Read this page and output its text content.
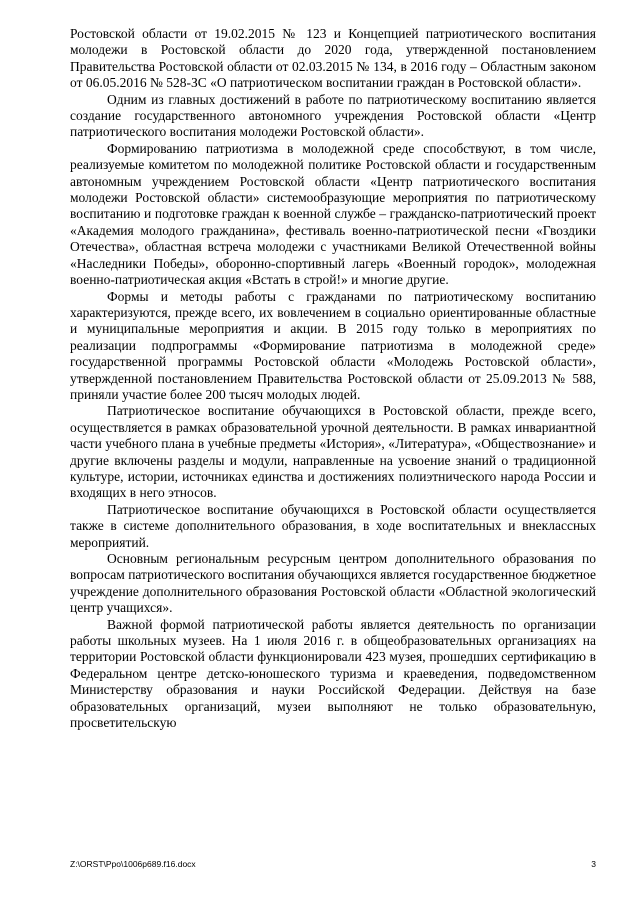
Ростовской области от 19.02.2015 № 123 и Концепцией патриотического воспитания молодежи в Ростовской области до 2020 года, утвержденной постановлением Правительства Ростовской области от 02.03.2015 № 134, в 2016 году – Областным законом от 06.05.2016 № 528-ЗС «О патриотическом воспитании граждан в Ростовской области».

Одним из главных достижений в работе по патриотическому воспитанию является создание государственного автономного учреждения Ростовской области «Центр патриотического воспитания молодежи Ростовской области».

Формированию патриотизма в молодежной среде способствуют, в том числе, реализуемые комитетом по молодежной политике Ростовской области и государственным автономным учреждением Ростовской области «Центр патриотического воспитания молодежи Ростовской области» системообразующие мероприятия по патриотическому воспитанию и подготовке граждан к военной службе – гражданско-патриотический проект «Академия молодого гражданина», фестиваль военно-патриотической песни «Гвоздики Отечества», областная встреча молодежи с участниками Великой Отечественной войны «Наследники Победы», оборонно-спортивный лагерь «Военный городок», молодежная военно-патриотическая акция «Встать в строй!» и многие другие.

Формы и методы работы с гражданами по патриотическому воспитанию характеризуются, прежде всего, их вовлечением в социально ориентированные областные и муниципальные мероприятия и акции. В 2015 году только в мероприятиях по реализации подпрограммы «Формирование патриотизма в молодежной среде» государственной программы Ростовской области «Молодежь Ростовской области», утвержденной постановлением Правительства Ростовской области от 25.09.2013 № 588, приняли участие более 200 тысяч молодых людей.

Патриотическое воспитание обучающихся в Ростовской области, прежде всего, осуществляется в рамках образовательной урочной деятельности. В рамках инвариантной части учебного плана в учебные предметы «История», «Литература», «Обществознание» и другие включены разделы и модули, направленные на усвоение знаний о традиционной культуре, истории, источниках единства и достижениях полиэтнического народа России и входящих в него этносов.

Патриотическое воспитание обучающихся в Ростовской области осуществляется также в системе дополнительного образования, в ходе воспитательных и внеклассных мероприятий.

Основным региональным ресурсным центром дополнительного образования по вопросам патриотического воспитания обучающихся является государственное бюджетное учреждение дополнительного образования Ростовской области «Областной экологический центр учащихся».

Важной формой патриотической работы является деятельность по организации работы школьных музеев. На 1 июля 2016 г. в общеобразовательных организациях на территории Ростовской области функционировали 423 музея, прошедших сертификацию в Федеральном центре детско-юношеского туризма и краеведения, подведомственном Министерству образования и науки Российской Федерации. Действуя на базе образовательных организаций, музеи выполняют не только образовательную, просветительскую

Z:\ORST\Ppo\1006p689.f16.docx	3
